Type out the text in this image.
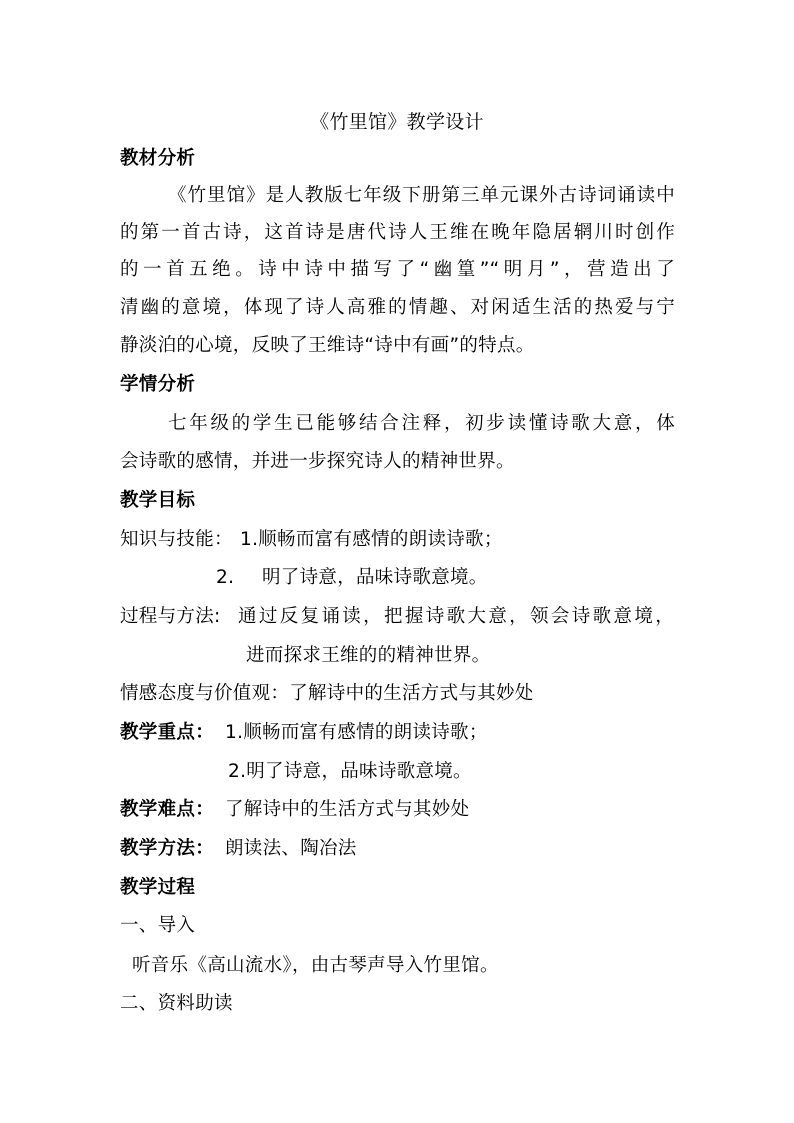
《竹里馆》教学设计
教材分析
《竹里馆》是人教版七年级下册第三单元课外古诗词诵读中
的第一首古诗，这首诗是唐代诗人王维在晚年隐居辋川时创作
的一首五绝。诗中诗中描写了“幽篁”“明月”，营造出了
清幽的意境，体现了诗人高雅的情趣、对闲适生活的热爱与宁
静淡泊的心境，反映了王维诗“诗中有画”的特点。
学情分析
七年级的学生已能够结合注释，初步读懂诗歌大意，体
会诗歌的感情，并进一步探究诗人的精神世界。
教学目标
知识与技能： 1.顺畅而富有感情的朗读诗歌；
2. 明了诗意，品味诗歌意境。
过程与方法: 通过反复诵读，把握诗歌大意，领会诗歌意境，
进而探求王维的的精神世界。
情感态度与价值观：了解诗中的生活方式与其妙处
教学重点： 1.顺畅而富有感情的朗读诗歌；
2.明了诗意，品味诗歌意境。
教学难点： 了解诗中的生活方式与其妙处
教学方法： 朗读法、陶冶法
教学过程
一、导入
听音乐《高山流水》，由古琴声导入竹里馆。
二、资料助读
